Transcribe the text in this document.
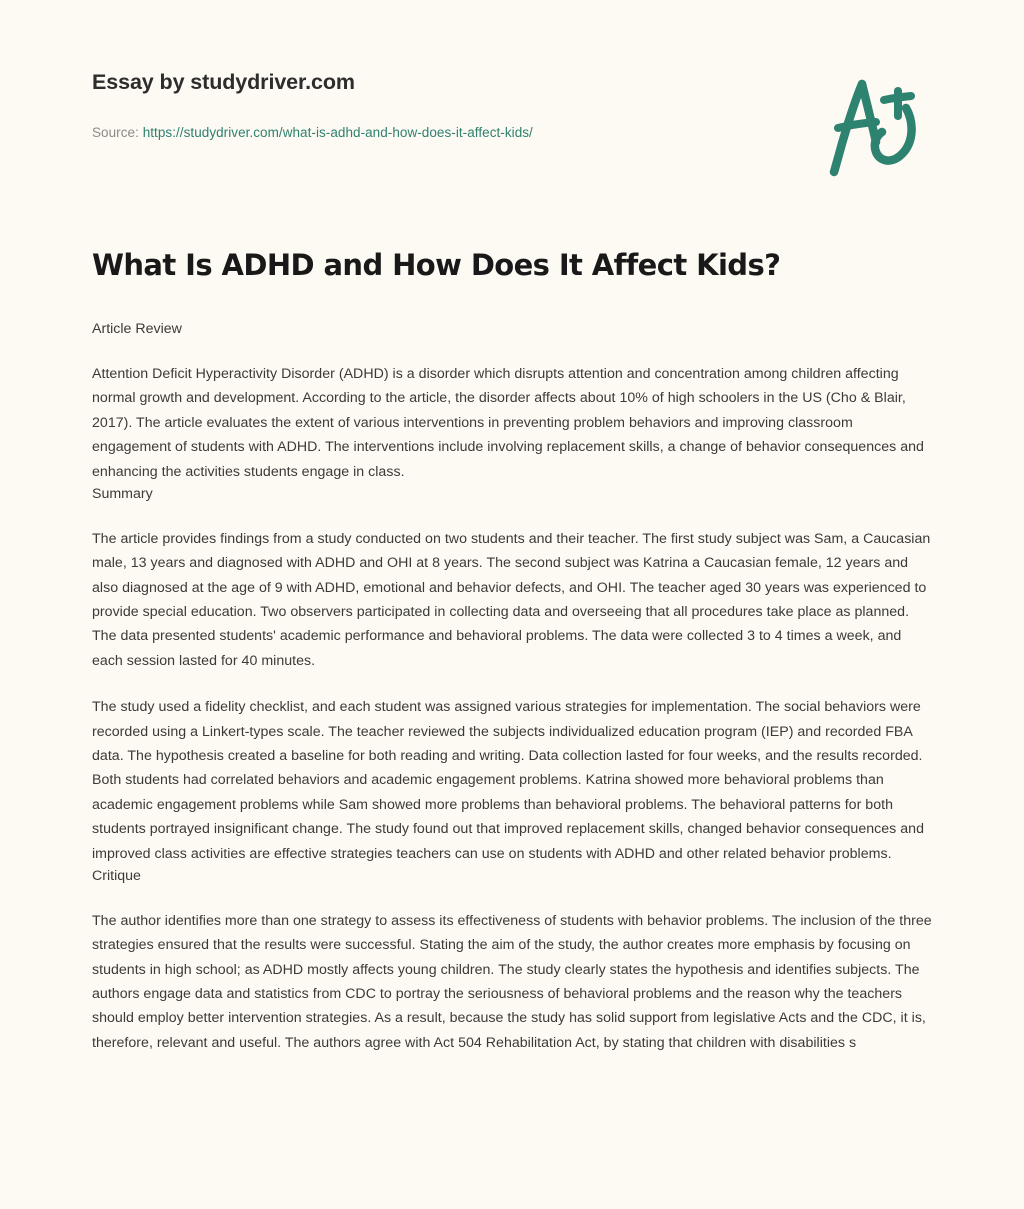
Essay by studydriver.com
Source: https://studydriver.com/what-is-adhd-and-how-does-it-affect-kids/
What Is ADHD and How Does It Affect Kids?
Article Review

Attention Deficit Hyperactivity Disorder (ADHD) is a disorder which disrupts attention and concentration among children affecting normal growth and development. According to the article, the disorder affects about 10% of high schoolers in the US (Cho & Blair, 2017). The article evaluates the extent of various interventions in preventing problem behaviors and improving classroom engagement of students with ADHD. The interventions include involving replacement skills, a change of behavior consequences and enhancing the activities students engage in class.

Summary

The article provides findings from a study conducted on two students and their teacher. The first study subject was Sam, a Caucasian male, 13 years and diagnosed with ADHD and OHI at 8 years. The second subject was Katrina a Caucasian female, 12 years and also diagnosed at the age of 9 with ADHD, emotional and behavior defects, and OHI. The teacher aged 30 years was experienced to provide special education. Two observers participated in collecting data and overseeing that all procedures take place as planned. The data presented students' academic performance and behavioral problems. The data were collected 3 to 4 times a week, and each session lasted for 40 minutes.

The study used a fidelity checklist, and each student was assigned various strategies for implementation. The social behaviors were recorded using a Linkert-types scale. The teacher reviewed the subjects individualized education program (IEP) and recorded FBA data. The hypothesis created a baseline for both reading and writing. Data collection lasted for four weeks, and the results recorded. Both students had correlated behaviors and academic engagement problems. Katrina showed more behavioral problems than academic engagement problems while Sam showed more problems than behavioral problems. The behavioral patterns for both students portrayed insignificant change. The study found out that improved replacement skills, changed behavior consequences and improved class activities are effective strategies teachers can use on students with ADHD and other related behavior problems.

Critique

The author identifies more than one strategy to assess its effectiveness of students with behavior problems. The inclusion of the three strategies ensured that the results were successful. Stating the aim of the study, the author creates more emphasis by focusing on students in high school; as ADHD mostly affects young children. The study clearly states the hypothesis and identifies subjects. The authors engage data and statistics from CDC to portray the seriousness of behavioral problems and the reason why the teachers should employ better intervention strategies. As a result, because the study has solid support from legislative Acts and the CDC, it is, therefore, relevant and useful. The authors agree with Act 504 Rehabilitation Act, by stating that children with disabilities s
